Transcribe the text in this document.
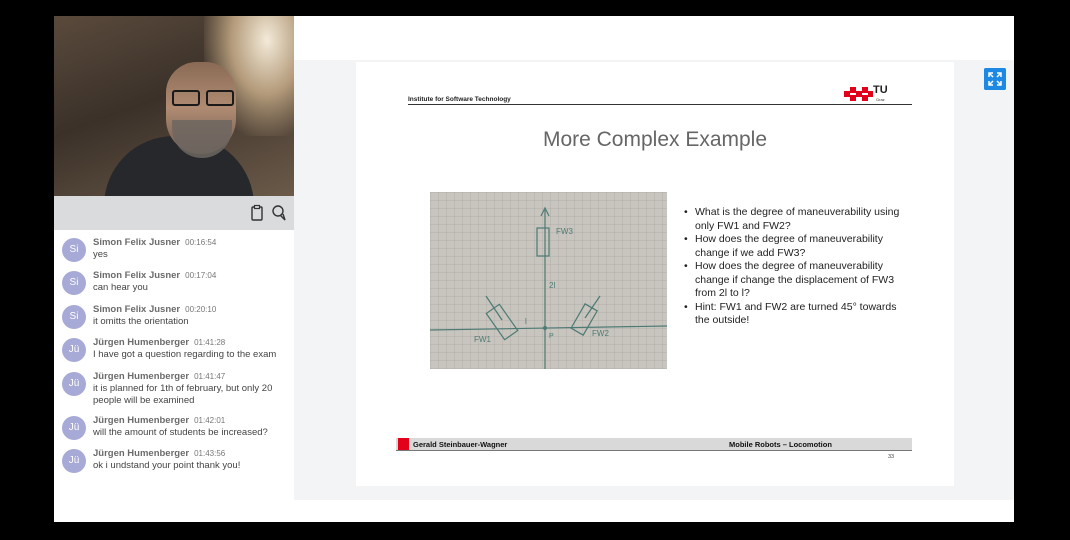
Si
Simon Felix Jusner 00:16:54
yes
Si
Simon Felix Jusner 00:17:04
can hear you
Si
Simon Felix Jusner 00:20:10
it omitts the orientation
Jü
Jürgen Humenberger 01:41:28
I have got a question regarding to the exam
Jü
Jürgen Humenberger 01:41:47
it is planned for 1th of february, but only 20 people will be examined
Jü
Jürgen Humenberger 01:42:01
will the amount of students be increased?
Jü
Jürgen Humenberger 01:43:56
ok i undstand your point thank you!
Institute for Software Technology
TU
Graz
More Complex Example
FW3
FW1
FW2
2l
l
P
• What is the degree of maneuverability using only FW1 and FW2?
• How does the degree of maneuverability change if we add FW3?
• How does the degree of maneuverability change if change the displacement of FW3 from 2l to l?
• Hint: FW1 and FW2 are turned 45° towards the outside!
Gerald Steinbauer-Wagner	Mobile Robots – Locomotion
33
